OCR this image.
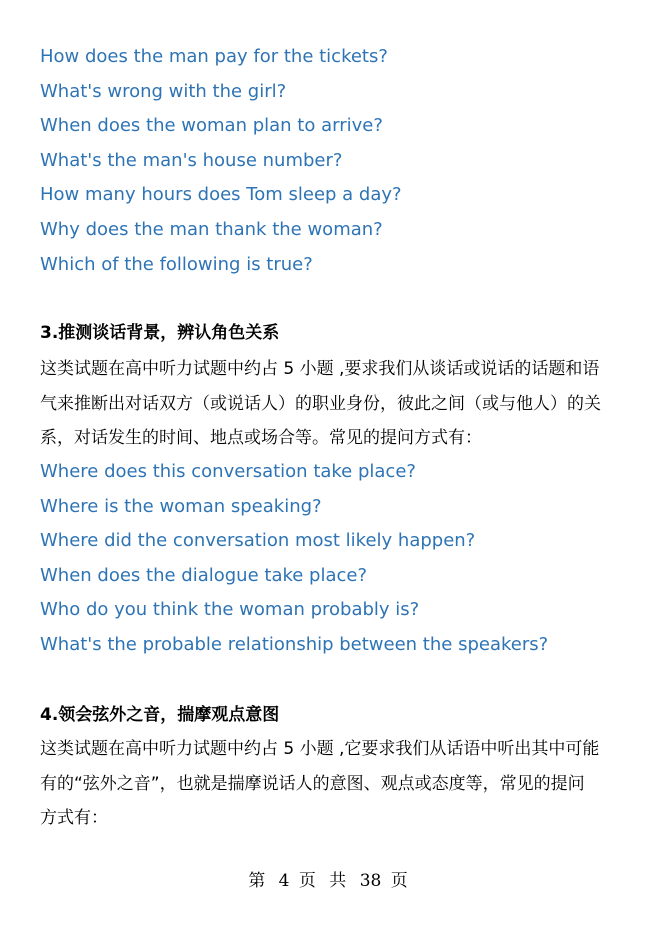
How does the man pay for the tickets?
What's wrong with the girl?
When does the woman plan to arrive?
What's the man's house number?
How many hours does Tom sleep a day?
Why does the man thank the woman?
Which of the following is true?
3.推测谈话背景，辨认角色关系
这类试题在高中听力试题中约占 5 小题 ,要求我们从谈话或说话的话题和语
气来推断出对话双方（或说话人）的职业身份，彼此之间（或与他人）的关
系，对话发生的时间、地点或场合等。常见的提问方式有：
Where does this conversation take place?
Where is the woman speaking?
Where did the conversation most likely happen?
When does the dialogue take place?
Who do you think the woman probably is?
What's the probable relationship between the speakers?
4.领会弦外之音，揣摩观点意图
这类试题在高中听力试题中约占 5 小题 ,它要求我们从话语中听出其中可能
有的“弦外之音”，也就是揣摩说话人的意图、观点或态度等，常见的提问
方式有：
第 4 页 共 38 页
